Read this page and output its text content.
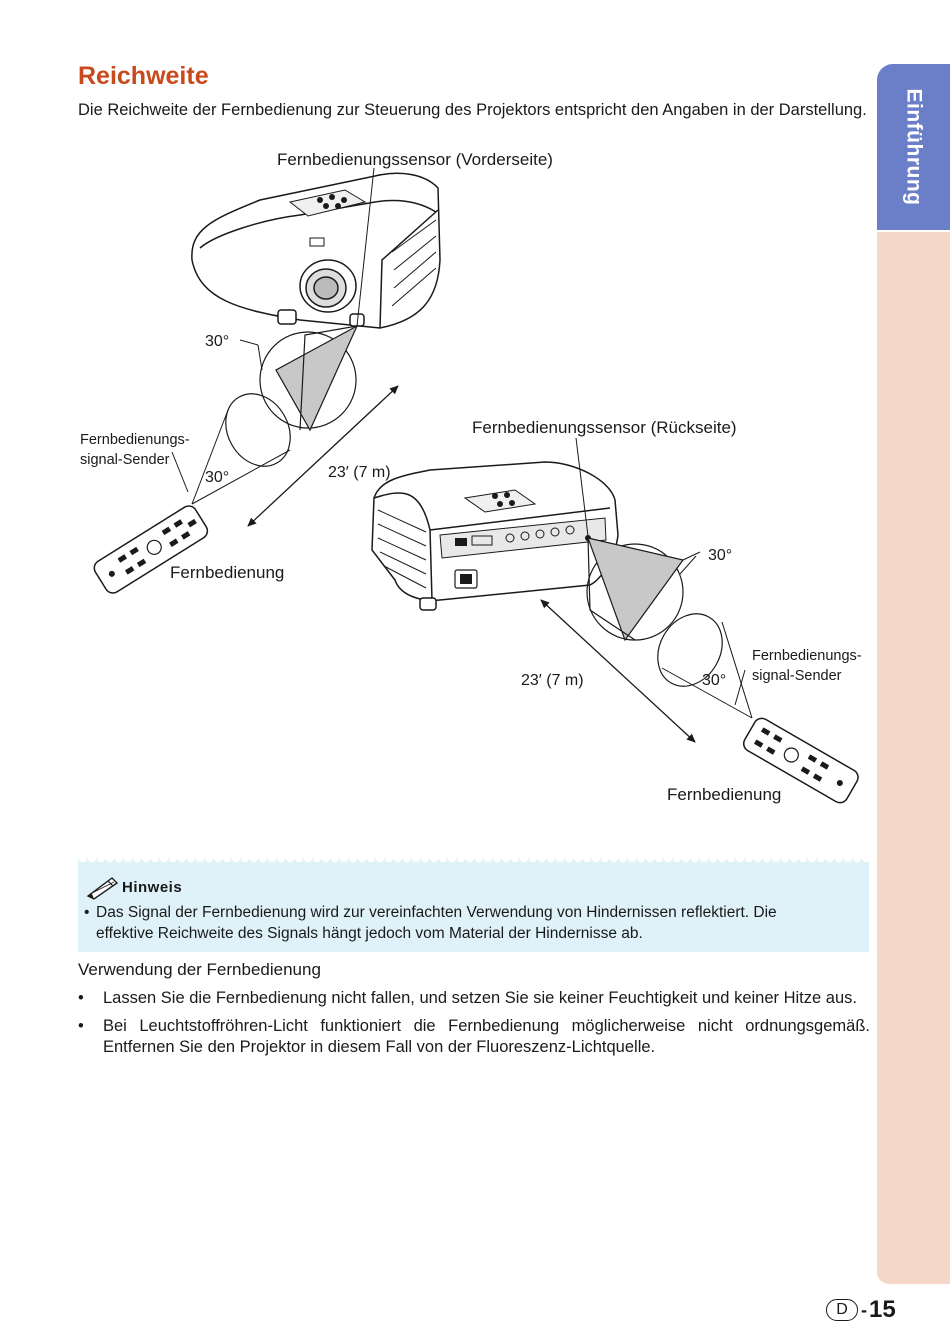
Einführung
Reichweite
Die Reichweite der Fernbedienung zur Steuerung des Projektors entspricht den Angaben in der Darstellung.
30°
Fernbedienungs-
signal-Sender
30°
Fernbedienung
23′ (7 m)
Fernbedienungssensor (Rückseite)
30°
23′ (7 m)	30°
Fernbedienungs-
signal-Sender
Fernbedienung
Fernbedienungssensor (Vorderseite)
Hinweis
• Das Signal der Fernbedienung wird zur vereinfachten Verwendung von Hindernissen reflektiert. Die
effektive Reichweite des Signals hängt jedoch vom Material der Hindernisse ab.
Verwendung der Fernbedienung
• Lassen Sie die Fernbedienung nicht fallen, und setzen Sie sie keiner Feuchtigkeit und keiner Hitze aus.
• Bei Leuchtstoffröhren-Licht funktioniert die Fernbedienung möglicherweise nicht ordnungsgemäß. Entfernen Sie den Projektor in diesem Fall von der Fluoreszenz-Lichtquelle.
D - 15
